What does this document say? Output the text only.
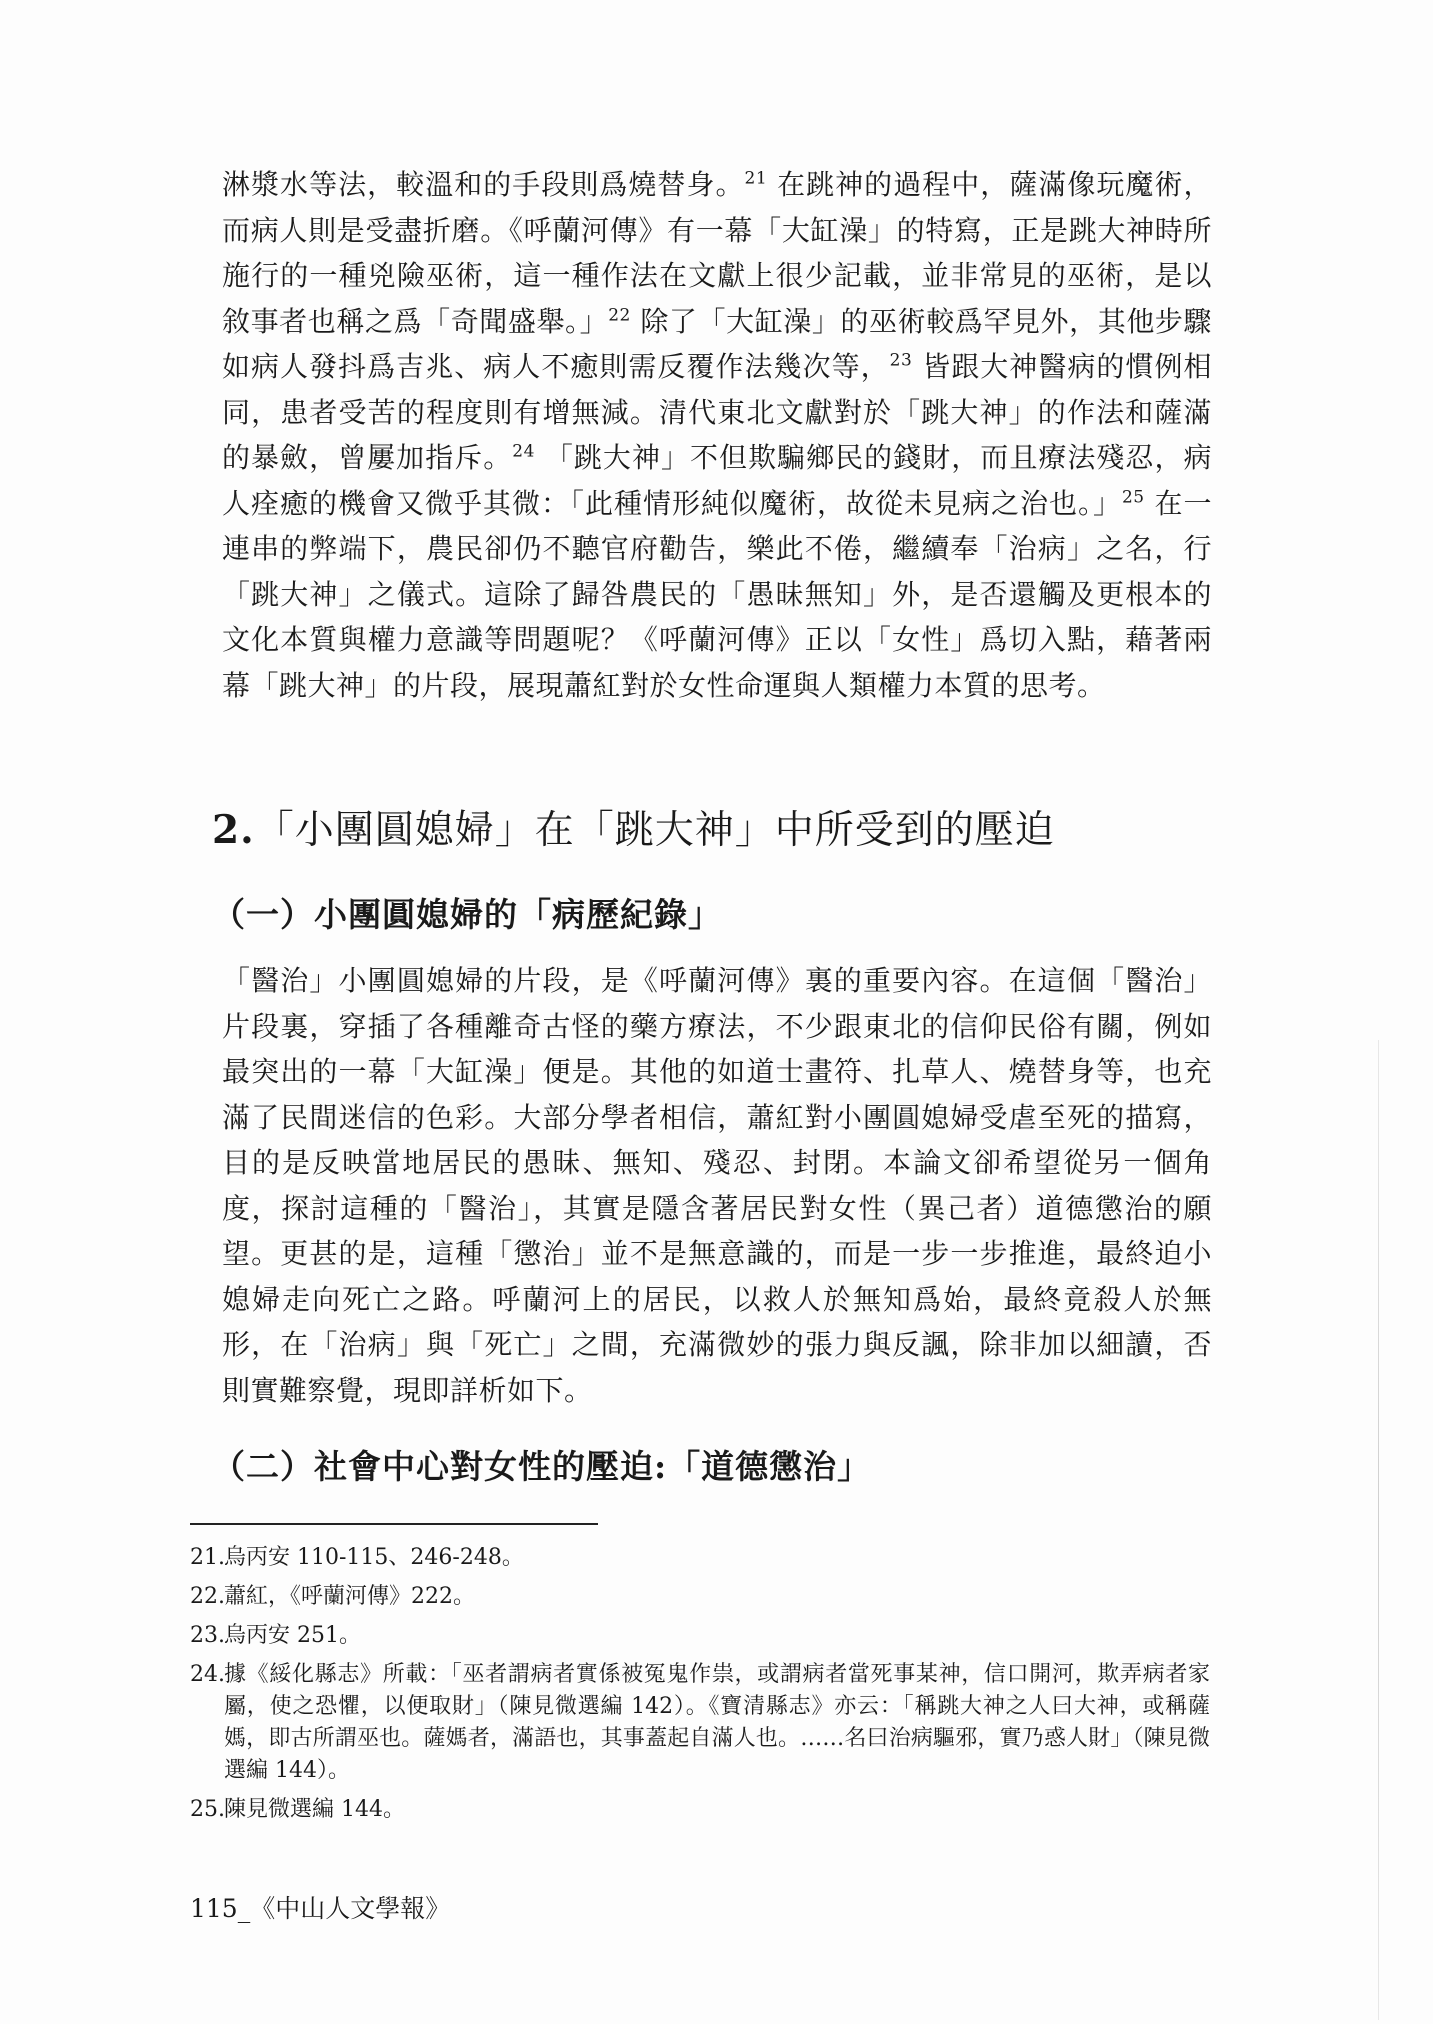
淋漿水等法，較溫和的手段則爲燒替身。$^{21}$ 在跳神的過程中，薩滿像玩魔術，而病人則是受盡折磨。《呼蘭河傳》有一幕「大缸澡」的特寫，正是跳大神時所施行的一種兇險巫術，這一種作法在文獻上很少記載，並非常見的巫術，是以敘事者也稱之爲「奇聞盛舉。」$^{22}$ 除了「大缸澡」的巫術較爲罕見外，其他步驟如病人發抖爲吉兆、病人不癒則需反覆作法幾次等，$^{23}$ 皆跟大神醫病的慣例相同，患者受苦的程度則有增無減。清代東北文獻對於「跳大神」的作法和薩滿的暴斂，曾屢加指斥。$^{24}$ 「跳大神」不但欺騙鄉民的錢財，而且療法殘忍，病人痊癒的機會又微乎其微：「此種情形純似魔術，故從未見病之治也。」$^{25}$ 在一連串的弊端下，農民卻仍不聽官府勸告，樂此不倦，繼續奉「治病」之名，行「跳大神」之儀式。這除了歸咎農民的「愚昧無知」外，是否還觸及更根本的文化本質與權力意識等問題呢？《呼蘭河傳》正以「女性」爲切入點，藉著兩幕「跳大神」的片段，展現蕭紅對於女性命運與人類權力本質的思考。

2.「小團圓媳婦」在「跳大神」中所受到的壓迫
（一）小團圓媳婦的「病歷紀錄」

「醫治」小團圓媳婦的片段，是《呼蘭河傳》裏的重要內容。在這個「醫治」片段裏，穿插了各種離奇古怪的藥方療法，不少跟東北的信仰民俗有關，例如最突出的一幕「大缸澡」便是。其他的如道士畫符、扎草人、燒替身等，也充滿了民間迷信的色彩。大部分學者相信，蕭紅對小團圓媳婦受虐至死的描寫，目的是反映當地居民的愚昧、無知、殘忍、封閉。本論文卻希望從另一個角度，探討這種的「醫治」，其實是隱含著居民對女性（異己者）道德懲治的願望。更甚的是，這種「懲治」並不是無意識的，而是一步一步推進，最終迫小媳婦走向死亡之路。呼蘭河上的居民，以救人於無知爲始，最終竟殺人於無形，在「治病」與「死亡」之間，充滿微妙的張力與反諷，除非加以細讀，否則實難察覺，現即詳析如下。

（二）社會中心對女性的壓迫:「道德懲治」
21. 烏丙安 110-115、246-248。
22. 蕭紅，《呼蘭河傳》222。
23. 烏丙安 251。
24. 據《綏化縣志》所載：「巫者謂病者實係被冤鬼作祟，或謂病者當死事某神，信口開河，欺弄病者家屬，使之恐懼，以便取財」（陳見微選編 142）。《寶清縣志》亦云：「稱跳大神之人曰大神，或稱薩媽，即古所謂巫也。薩媽者，滿語也，其事蓋起自滿人也。……名曰治病驅邪，實乃惑人財」（陳見微選編 144）。
25. 陳見微選編 144。

115_《中山人文學報》
